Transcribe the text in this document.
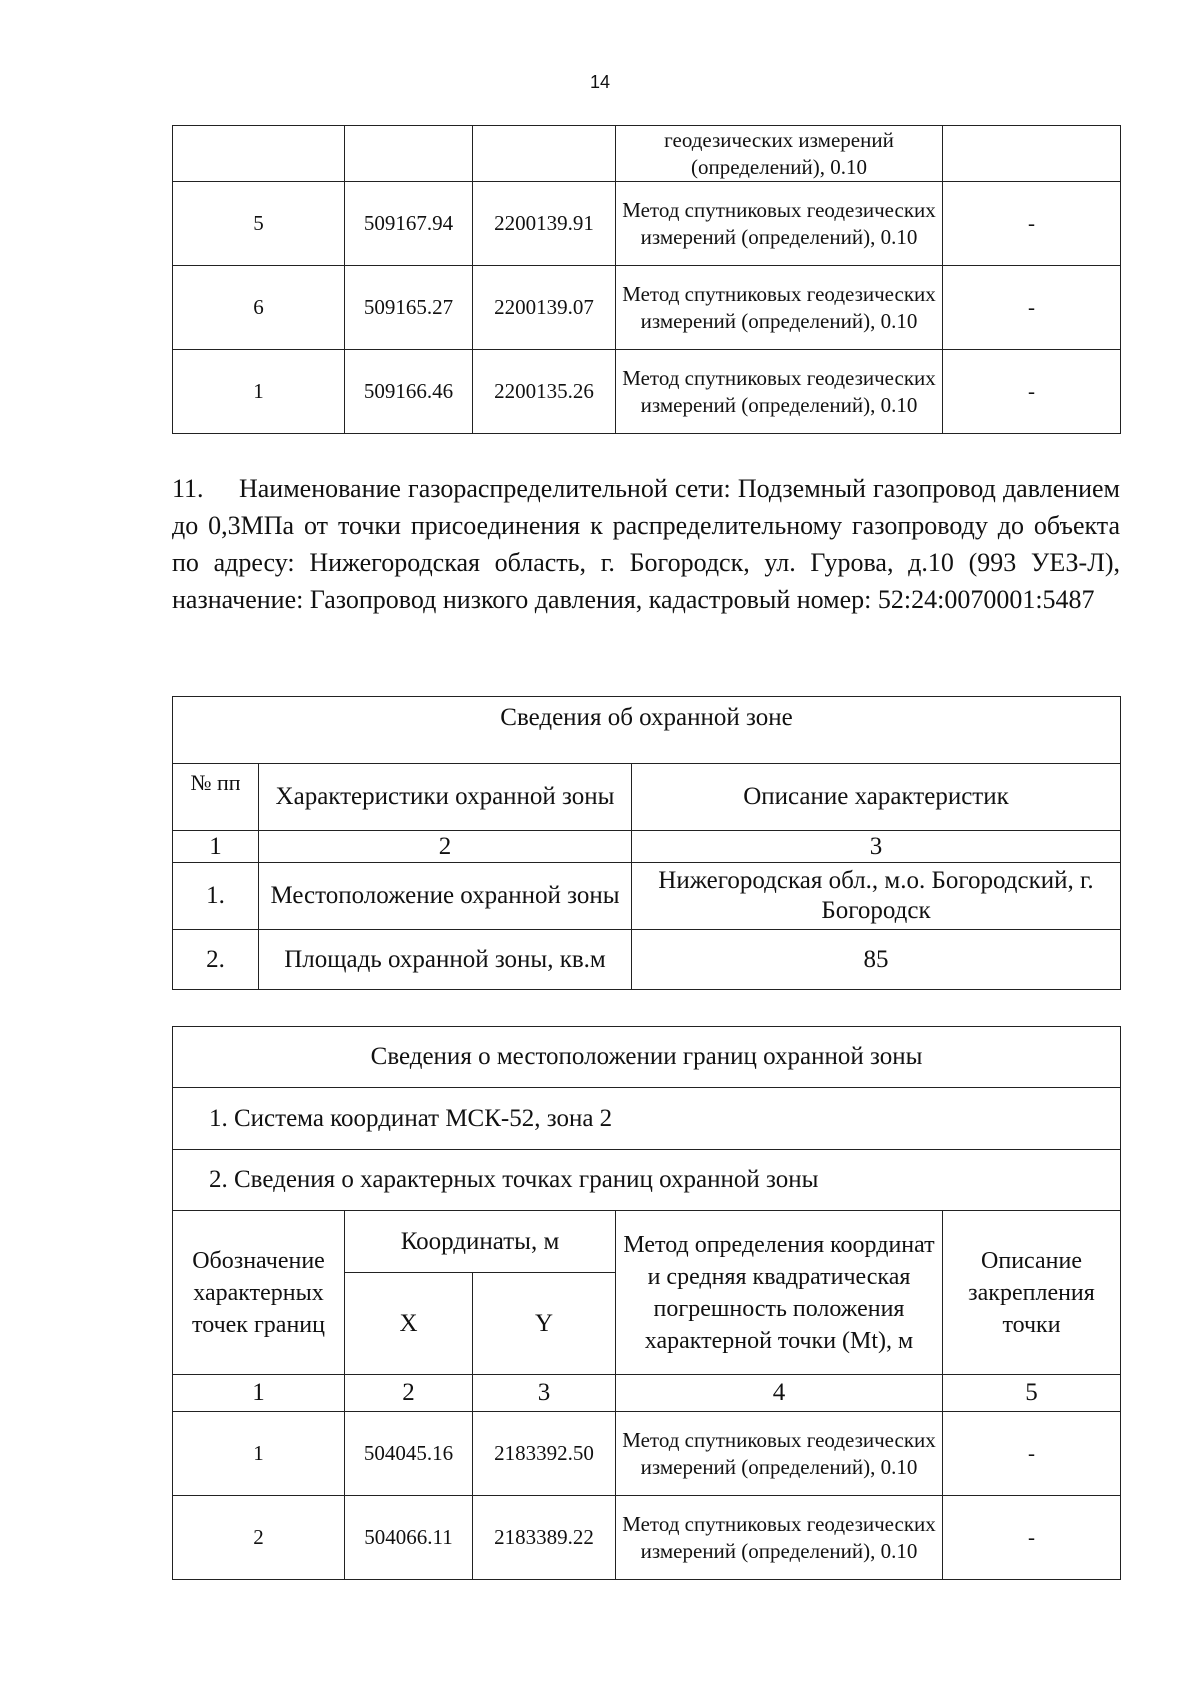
14
			геодезических измерений (определений), 0.10	
5	509167.94	2200139.91	Метод спутниковых геодезических измерений (определений), 0.10	-
6	509165.27	2200139.07	Метод спутниковых геодезических измерений (определений), 0.10	-
1	509166.46	2200135.26	Метод спутниковых геодезических измерений (определений), 0.10	-
11.     Наименование газораспределительной сети: Подземный газопровод давлением до 0,3МПа от точки присоединения к распределительному газопроводу до объекта по адресу: Нижегородская область, г. Богородск, ул. Гурова, д.10 (993 УЕЗ-Л), назначение: Газопровод низкого давления, кадастровый номер: 52:24:0070001:5487
Сведения об охранной зоне		
№ пп	Характеристики охранной зоны	Описание характеристик
1	2	3
1.	Местоположение охранной зоны	Нижегородская обл., м.о. Богородский, г. Богородск
2.	Площадь охранной зоны, кв.м	85
Сведения о местоположении границ охранной зоны				
1. Система координат МСК-52, зона 2				
2. Сведения о характерных точках границ охранной зоны				
Обозначение характерных точек границ	Координаты, м		Метод определения координат и средняя квадратическая погрешность положения характерной точки (Mt), м	Описание закрепления точки
	X	Y		
1	2	3	4	5
1	504045.16	2183392.50	Метод спутниковых геодезических измерений (определений), 0.10	-
2	504066.11	2183389.22	Метод спутниковых геодезических измерений (определений), 0.10	-
